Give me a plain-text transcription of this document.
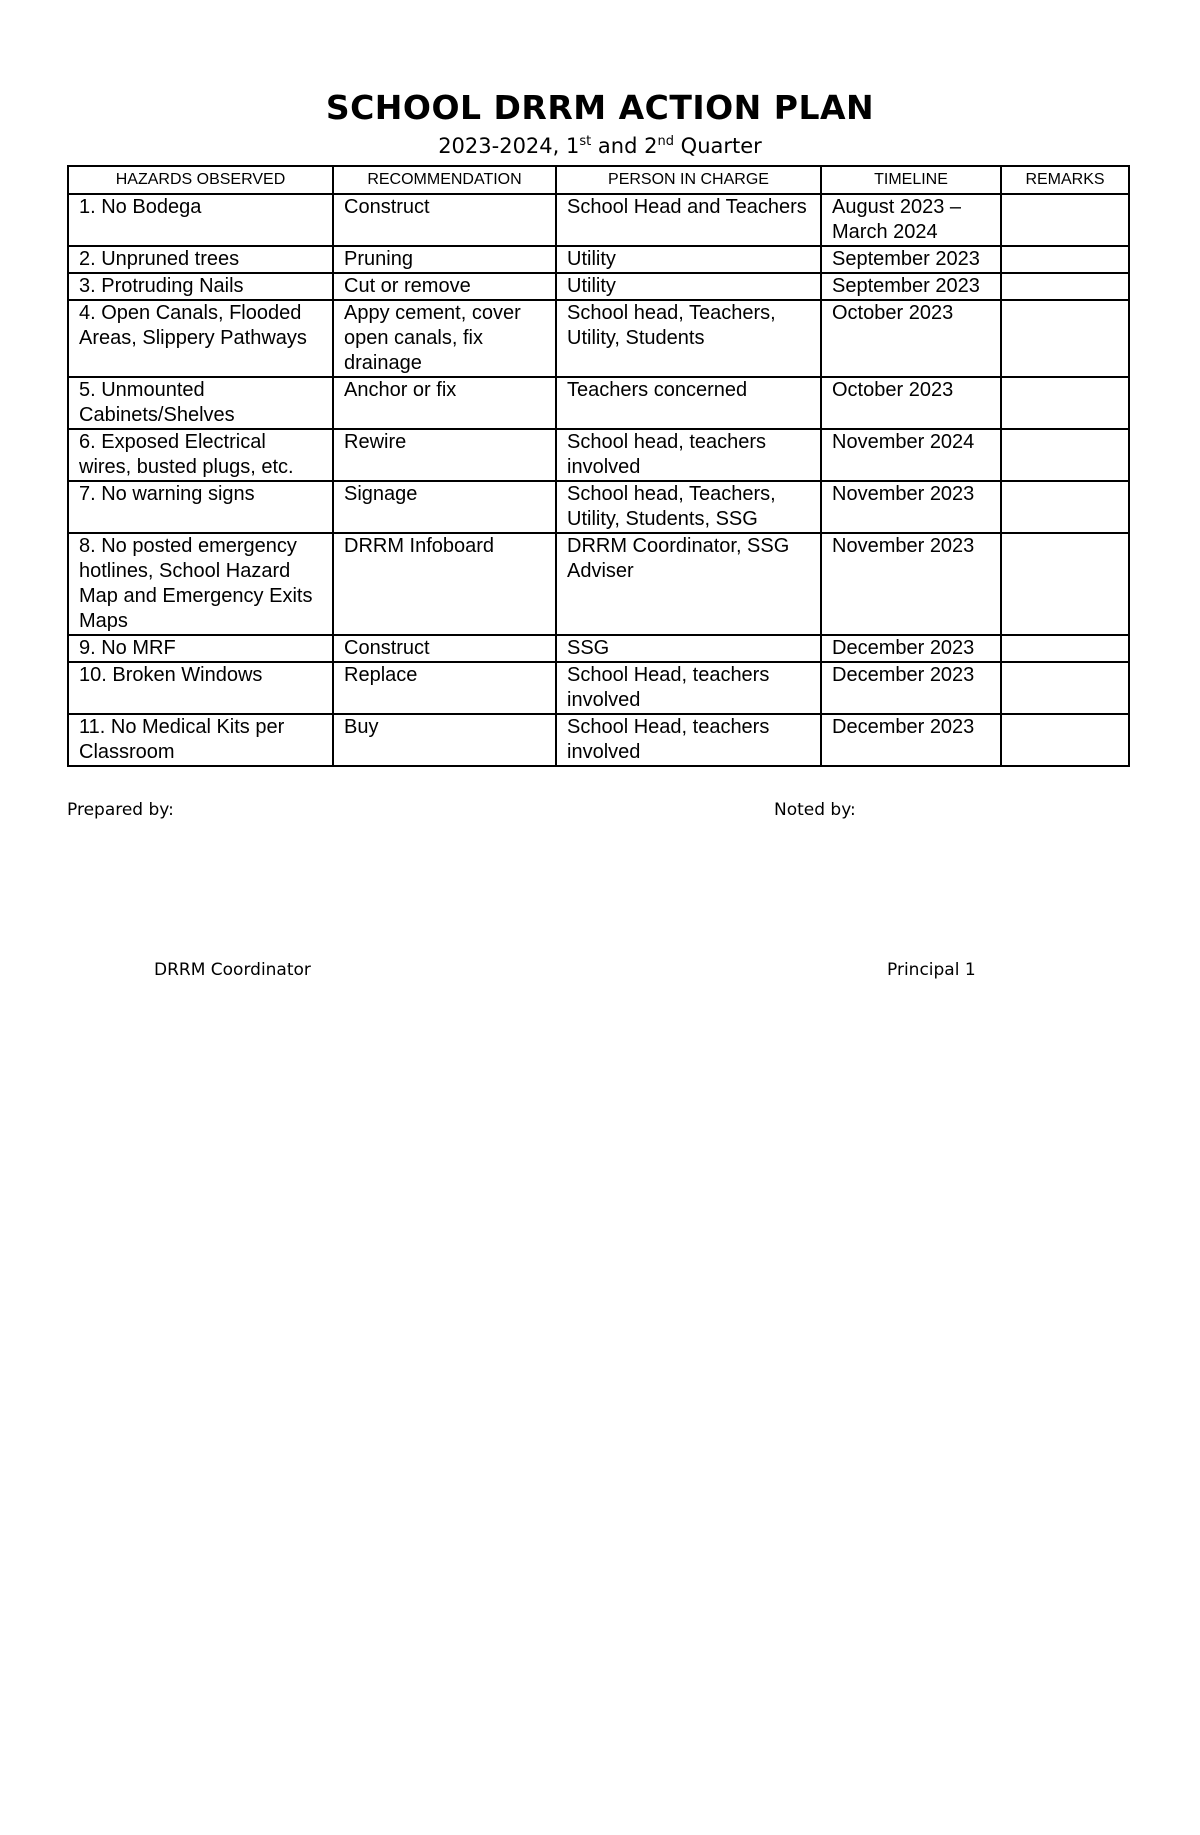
SCHOOL DRRM ACTION PLAN
2023-2024, 1st and 2nd Quarter
HAZARDS OBSERVED	RECOMMENDATION	PERSON IN CHARGE	TIMELINE	REMARKS
1. No Bodega	Construct	School Head and Teachers	August 2023 – March 2024	
2. Unpruned trees	Pruning	Utility	September 2023	
3. Protruding Nails	Cut or remove	Utility	September 2023	
4. Open Canals, Flooded Areas, Slippery Pathways	Appy cement, cover open canals, fix drainage	School head, Teachers, Utility, Students	October 2023	
5. Unmounted Cabinets/Shelves	Anchor or fix	Teachers concerned	October 2023	
6. Exposed Electrical wires, busted plugs, etc.	Rewire	School head, teachers involved	November 2024	
7. No warning signs	Signage	School head, Teachers, Utility, Students, SSG	November 2023	
8. No posted emergency hotlines, School Hazard Map and Emergency Exits Maps	DRRM Infoboard	DRRM Coordinator, SSG Adviser	November 2023	
9. No MRF	Construct	SSG	December 2023	
10. Broken Windows	Replace	School Head, teachers involved	December 2023	
11. No Medical Kits per Classroom	Buy	School Head, teachers involved	December 2023	
Prepared by:	Noted by:
DRRM Coordinator	Principal 1
